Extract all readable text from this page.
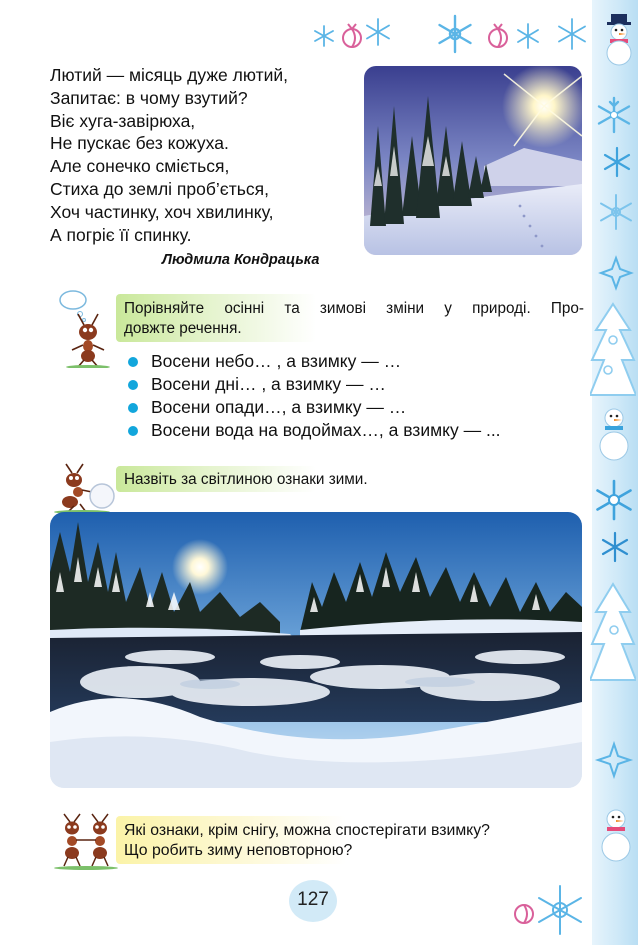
Лютий — місяць дуже лютий,
Запитає: в чому взутий?
Віє хуга-завірюха,
Не пускає без кожуха.
Але сонечко сміється,
Стиха до землі проб’ється,
Хоч частинку, хоч хвилинку,
А погріє її спинку.
Людмила Кондрацька
Порівняйте осінні та зимові зміни у природі. Про-
довжте речення.
Восени небо… , а взимку — …
Восени дні… , а взимку — …
Восени опади…, а взимку — …
Восени вода на водоймах…, а взимку — ...
Назвіть за світлиною ознаки зими.
Які ознаки, крім снігу, можна спостерігати взимку?
Що робить зиму неповторною?
127
